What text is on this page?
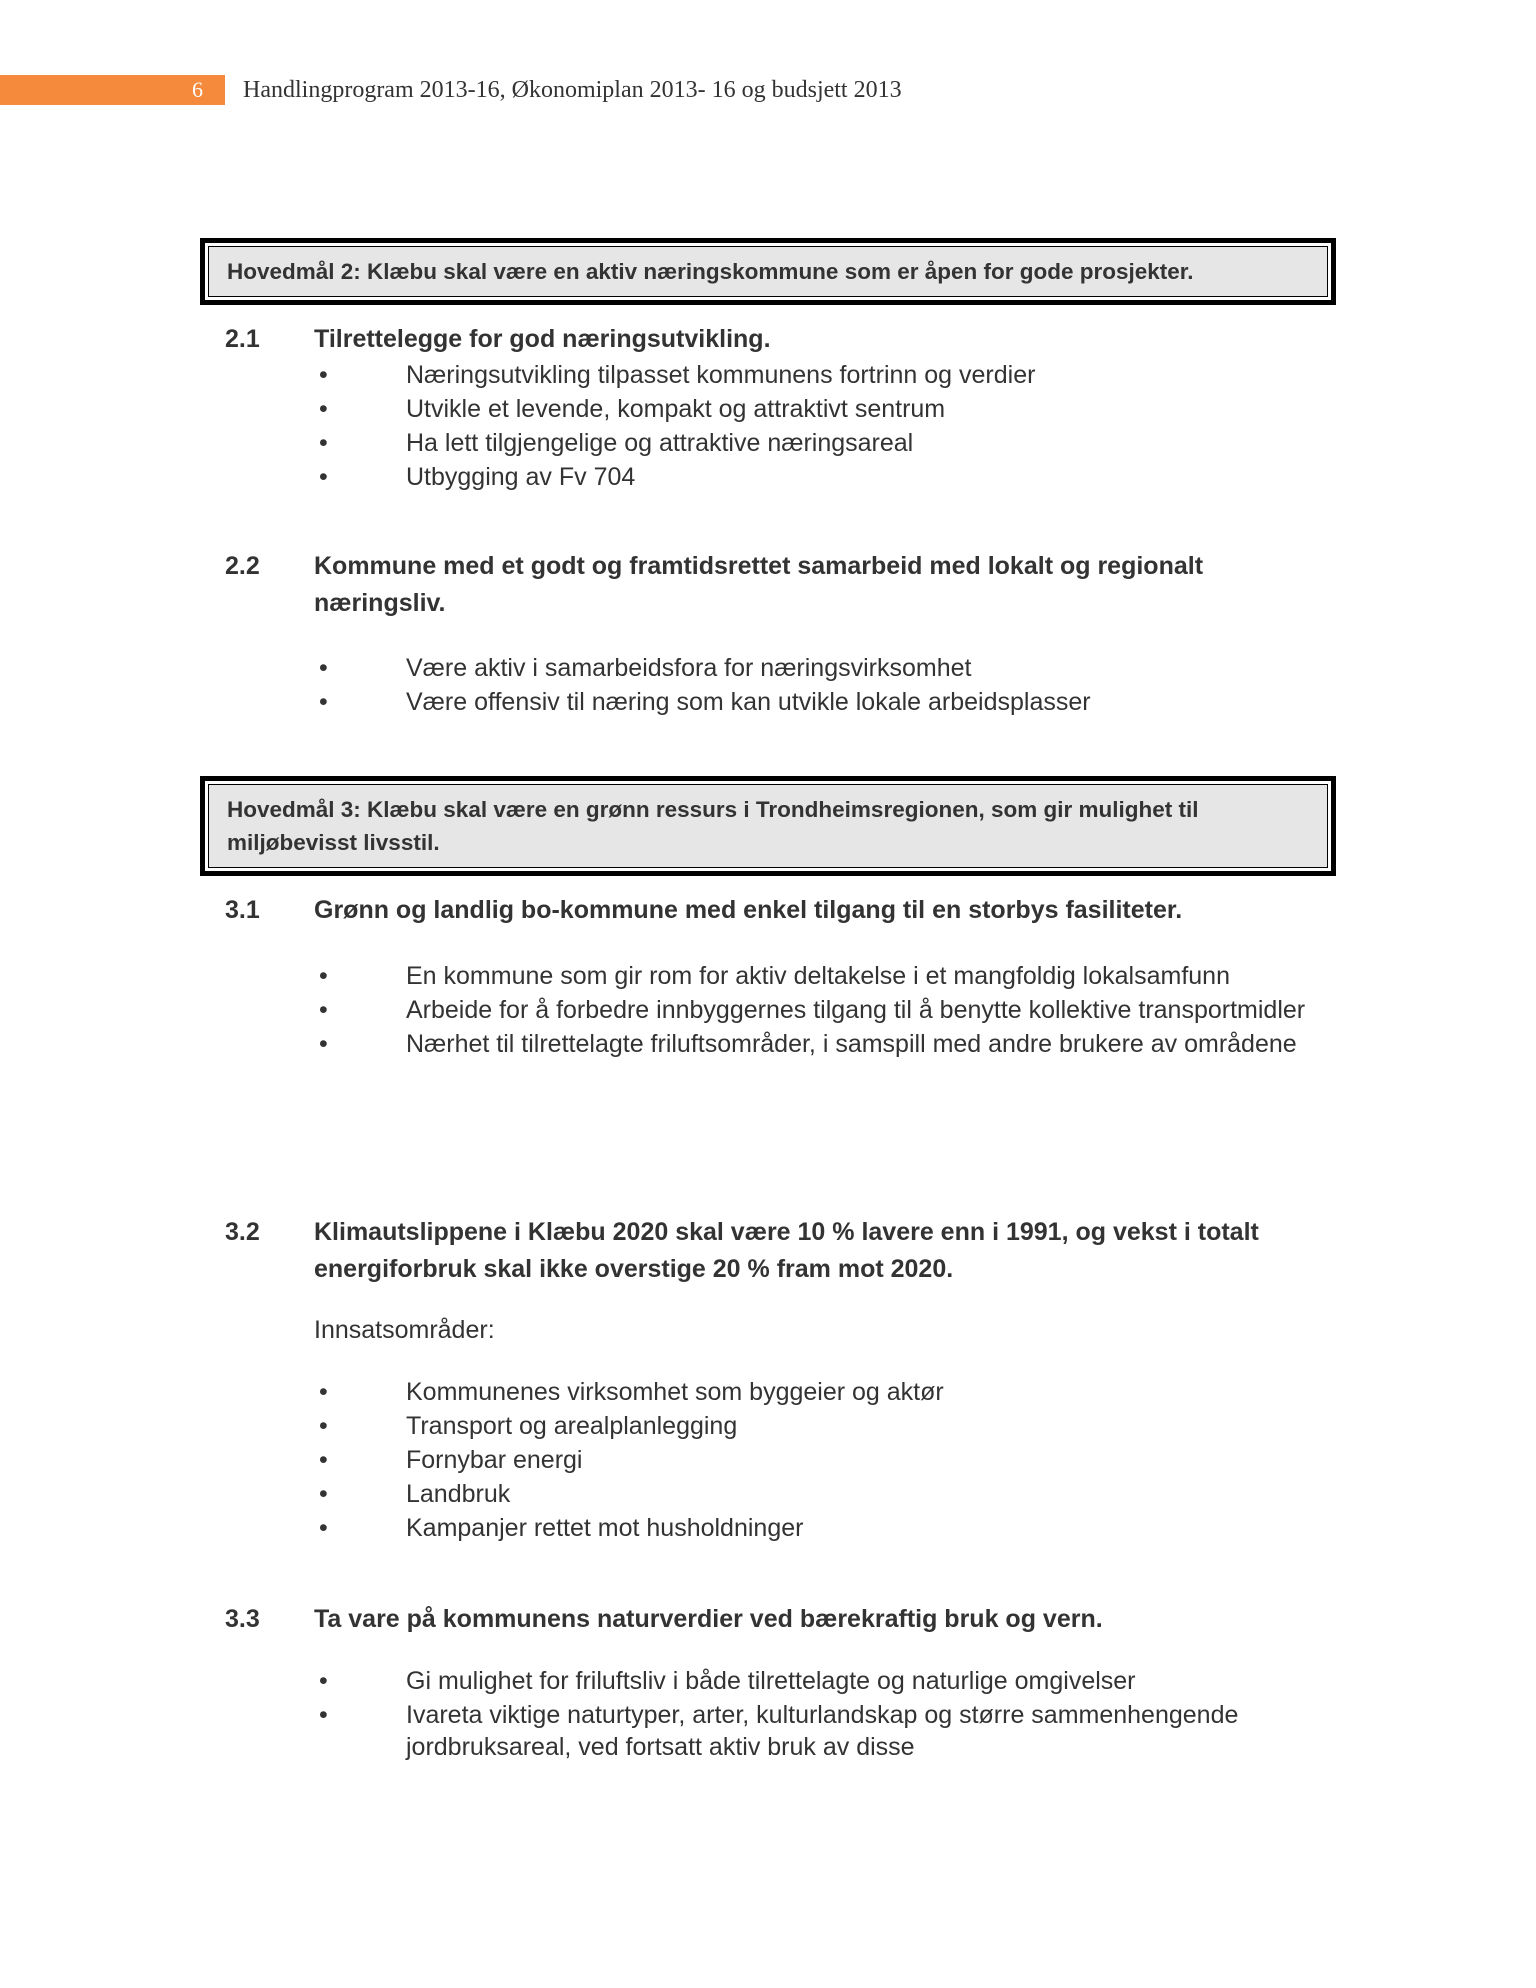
6 Handlingprogram 2013-16, Økonomiplan 2013- 16 og budsjett 2013
Hovedmål 2: Klæbu skal være en aktiv næringskommune som er åpen for gode prosjekter.
2.1 Tilrettelegge for god næringsutvikling.
•	Næringsutvikling tilpasset kommunens fortrinn og verdier
•	Utvikle et levende, kompakt og attraktivt sentrum
•	Ha lett tilgjengelige og attraktive næringsareal
•	Utbygging av Fv 704
2.2 Kommune med et godt og framtidsrettet samarbeid med lokalt og regionalt næringsliv.
•	Være aktiv i samarbeidsfora for næringsvirksomhet
•	Være offensiv til næring som kan utvikle lokale arbeidsplasser
Hovedmål 3: Klæbu skal være en grønn ressurs i Trondheimsregionen, som gir mulighet til miljøbevisst livsstil.
3.1 Grønn og landlig bo-kommune med enkel tilgang til en storbys fasiliteter.
•	En kommune som gir rom for aktiv deltakelse i et mangfoldig lokalsamfunn
•	Arbeide for å forbedre innbyggernes tilgang til å benytte kollektive transportmidler
•	Nærhet til tilrettelagte friluftsområder, i samspill med andre brukere av områdene
3.2 Klimautslippene i Klæbu 2020 skal være 10 % lavere enn i 1991, og vekst i totalt energiforbruk skal ikke overstige 20 % fram mot 2020.
Innsatsområder:
•	Kommunenes virksomhet som byggeier og aktør
•	Transport og arealplanlegging
•	Fornybar energi
•	Landbruk
•	Kampanjer rettet mot husholdninger
3.3 Ta vare på kommunens naturverdier ved bærekraftig bruk og vern.
•	Gi mulighet for friluftsliv i både tilrettelagte og naturlige omgivelser
•	Ivareta viktige naturtyper, arter, kulturlandskap og større sammenhengende jordbruksareal, ved fortsatt aktiv bruk av disse
